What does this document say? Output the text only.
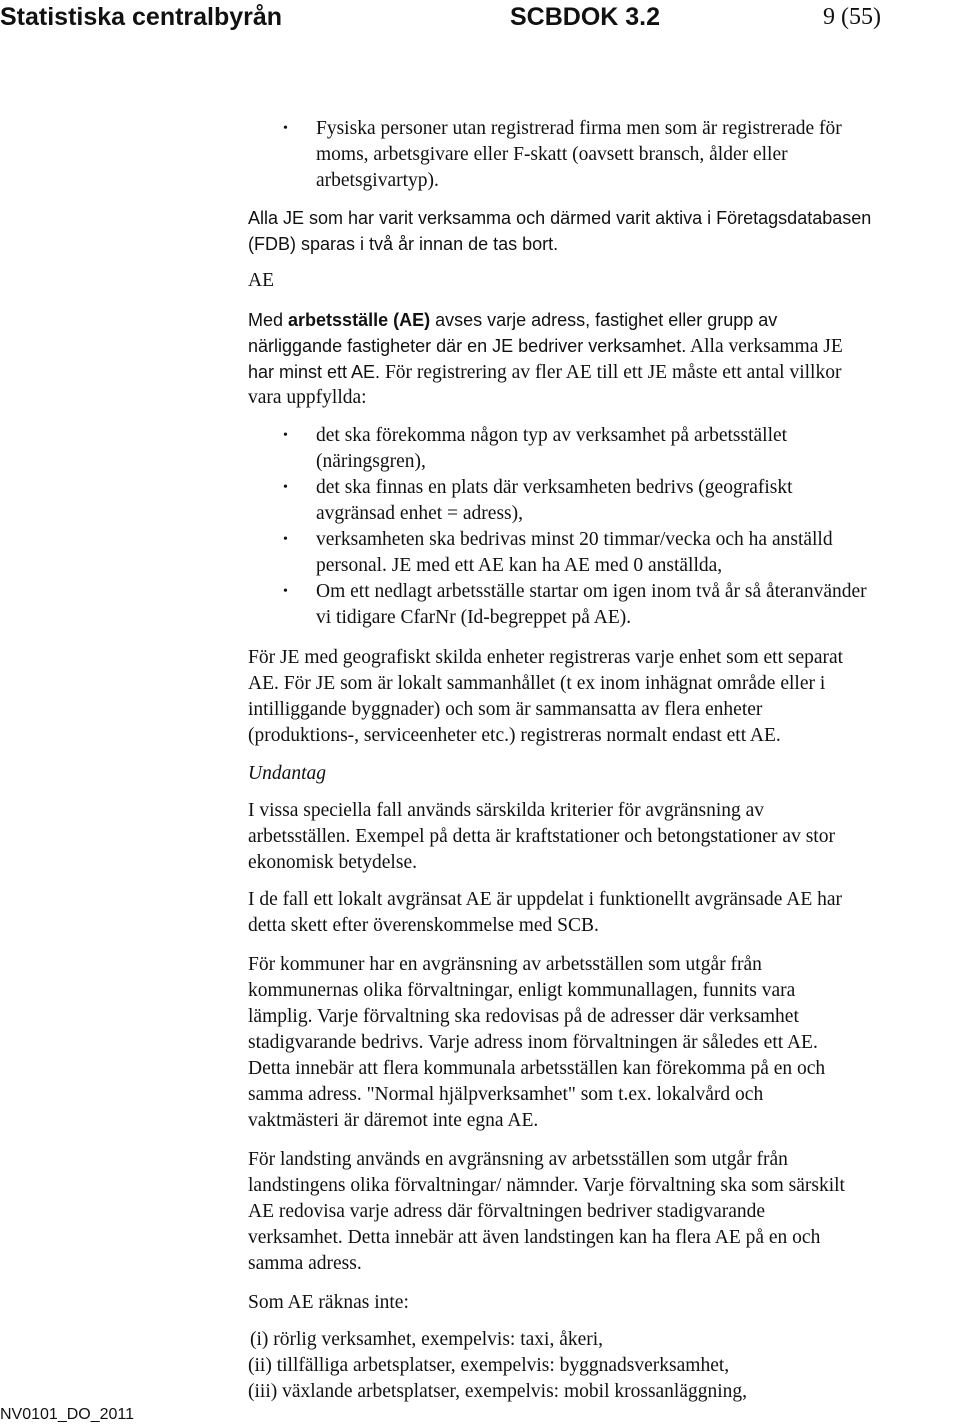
Statistiska centralbyrån	SCBDOK 3.2	9 (55)
• Fysiska personer utan registrerad firma men som är registrerade för
moms, arbetsgivare eller F-skatt (oavsett bransch, ålder eller
arbetsgivartyp).
Alla JE som har varit verksamma och därmed varit aktiva i Företagsdatabasen
(FDB) sparas i två år innan de tas bort.
AE
Med arbetsställe (AE) avses varje adress, fastighet eller grupp av
närliggande fastigheter där en JE bedriver verksamhet. Alla verksamma JE
har minst ett AE. För registrering av fler AE till ett JE måste ett antal villkor
vara uppfyllda:
• det ska förekomma någon typ av verksamhet på arbetsstället
(näringsgren),
• det ska finnas en plats där verksamheten bedrivs (geografiskt
avgränsad enhet = adress),
• verksamheten ska bedrivas minst 20 timmar/vecka och ha anställd
personal. JE med ett AE kan ha AE med 0 anställda,
• Om ett nedlagt arbetsställe startar om igen inom två år så återanvänder
vi tidigare CfarNr (Id-begreppet på AE).
För JE med geografiskt skilda enheter registreras varje enhet som ett separat
AE. För JE som är lokalt sammanhållet (t ex inom inhägnat område eller i
intilliggande byggnader) och som är sammansatta av flera enheter
(produktions-, serviceenheter etc.) registreras normalt endast ett AE.
Undantag
I vissa speciella fall används särskilda kriterier för avgränsning av
arbetsställen. Exempel på detta är kraftstationer och betongstationer av stor
ekonomisk betydelse.
I de fall ett lokalt avgränsat AE är uppdelat i funktionellt avgränsade AE har
detta skett efter överenskommelse med SCB.
För kommuner har en avgränsning av arbetsställen som utgår från
kommunernas olika förvaltningar, enligt kommunallagen, funnits vara
lämplig. Varje förvaltning ska redovisas på de adresser där verksamhet
stadigvarande bedrivs. Varje adress inom förvaltningen är således ett AE.
Detta innebär att flera kommunala arbetsställen kan förekomma på en och
samma adress. "Normal hjälpverksamhet" som t.ex. lokalvård och
vaktmästeri är däremot inte egna AE.
För landsting används en avgränsning av arbetsställen som utgår från
landstingens olika förvaltningar/ nämnder. Varje förvaltning ska som särskilt
AE redovisa varje adress där förvaltningen bedriver stadigvarande
verksamhet. Detta innebär att även landstingen kan ha flera AE på en och
samma adress.
Som AE räknas inte:
(i) rörlig verksamhet, exempelvis: taxi, åkeri,
(ii) tillfälliga arbetsplatser, exempelvis: byggnadsverksamhet,
(iii) växlande arbetsplatser, exempelvis: mobil krossanläggning,
NV0101_DO_2011
